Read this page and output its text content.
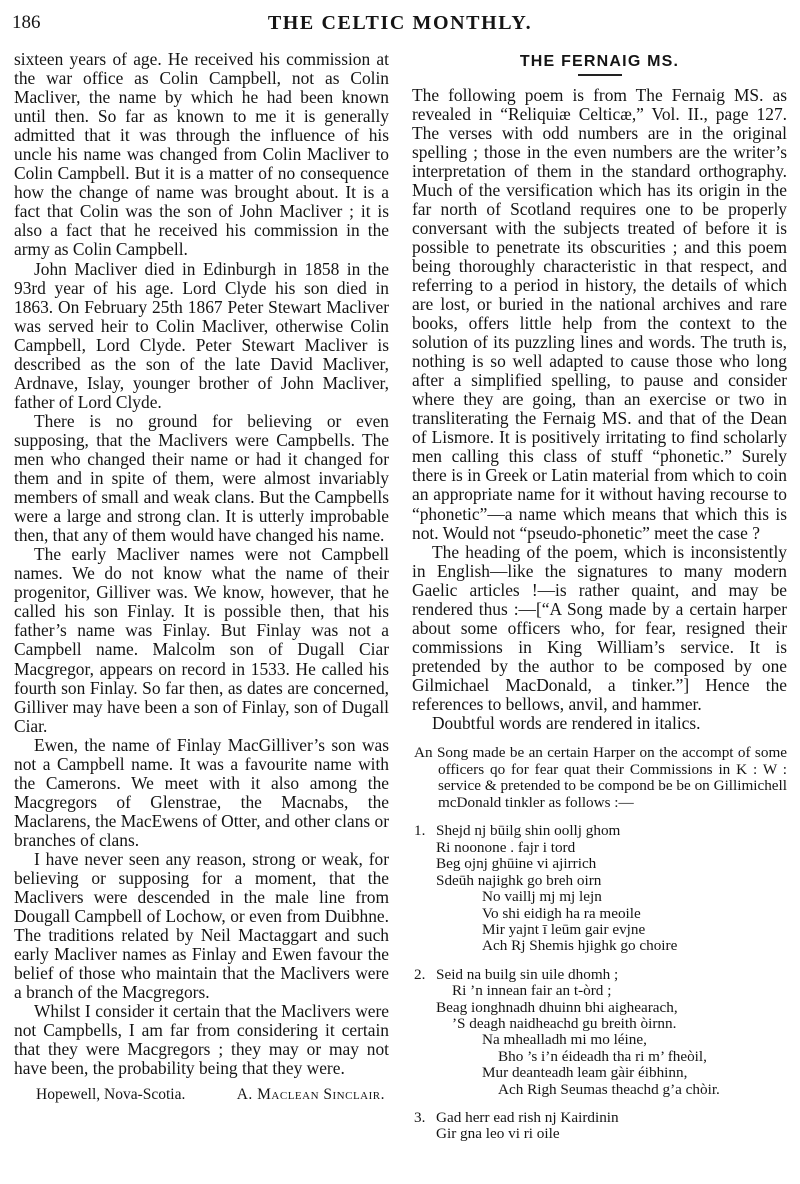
186	THE CELTIC MONTHLY.

sixteen years of age. He received his commission at the war office as Colin Campbell, not as Colin Macliver, the name by which he had been known until then. So far as known to me it is generally admitted that it was through the influence of his uncle his name was changed from Colin Macliver to Colin Campbell. But it is a matter of no consequence how the change of name was brought about. It is a fact that Colin was the son of John Macliver ; it is also a fact that he received his commission in the army as Colin Campbell.

John Macliver died in Edinburgh in 1858 in the 93rd year of his age. Lord Clyde his son died in 1863. On February 25th 1867 Peter Stewart Macliver was served heir to Colin Macliver, otherwise Colin Campbell, Lord Clyde. Peter Stewart Macliver is described as the son of the late David Macliver, Ardnave, Islay, younger brother of John Macliver, father of Lord Clyde.

There is no ground for believing or even supposing, that the Maclivers were Campbells. The men who changed their name or had it changed for them and in spite of them, were almost invariably members of small and weak clans. But the Campbells were a large and strong clan. It is utterly improbable then, that any of them would have changed his name.

The early Macliver names were not Campbell names. We do not know what the name of their progenitor, Gilliver was. We know, however, that he called his son Finlay. It is possible then, that his father’s name was Finlay. But Finlay was not a Campbell name. Malcolm son of Dugall Ciar Macgregor, appears on record in 1533. He called his fourth son Finlay. So far then, as dates are concerned, Gilliver may have been a son of Finlay, son of Dugall Ciar.

Ewen, the name of Finlay MacGilliver’s son was not a Campbell name. It was a favourite name with the Camerons. We meet with it also among the Macgregors of Glenstrae, the Macnabs, the Maclarens, the MacEwens of Otter, and other clans or branches of clans.

I have never seen any reason, strong or weak, for believing or supposing for a moment, that the Maclivers were descended in the male line from Dougall Campbell of Lochow, or even from Duibhne. The traditions related by Neil Mactaggart and such early Macliver names as Finlay and Ewen favour the belief of those who maintain that the Maclivers were a branch of the Macgregors.

Whilst I consider it certain that the Maclivers were not Campbells, I am far from considering it certain that they were Macgregors ; they may or may not have been, the probability being that they were.

Hopewell, Nova-Scotia.	A. Maclean Sinclair.
THE FERNAIG MS.

The following poem is from The Fernaig MS. as revealed in “Reliquiæ Celticæ,” Vol. II., page 127. The verses with odd numbers are in the original spelling ; those in the even numbers are the writer’s interpretation of them in the standard orthography. Much of the versification which has its origin in the far north of Scotland requires one to be properly conversant with the subjects treated of before it is possible to penetrate its obscurities ; and this poem being thoroughly characteristic in that respect, and referring to a period in history, the details of which are lost, or buried in the national archives and rare books, offers little help from the context to the solution of its puzzling lines and words. The truth is, nothing is so well adapted to cause those who long after a simplified spelling, to pause and consider where they are going, than an exercise or two in transliterating the Fernaig MS. and that of the Dean of Lismore. It is positively irritating to find scholarly men calling this class of stuff “phonetic.” Surely there is in Greek or Latin material from which to coin an appropriate name for it without having recourse to “phonetic”—a name which means that which this is not. Would not “pseudo-phonetic” meet the case ?

The heading of the poem, which is inconsistently in English—like the signatures to many modern Gaelic articles !—is rather quaint, and may be rendered thus :—[“A Song made by a certain harper about some officers who, for fear, resigned their commissions in King William’s service. It is pretended by the author to be composed by one Gilmichael MacDonald, a tinker.”] Hence the references to bellows, anvil, and hammer.

Doubtful words are rendered in italics.

An Song made be an certain Harper on the accompt of some officers qo for fear quat their Commissions in K : W : service & pretended to be compond be be on Gillimichell mcDonald tinkler as follows :—
1. Shejd nj būilg shin oollj ghom
Ri noonone . fajr i tord
Beg ojnj ghūine vi ajirrich
Sdeūh najighk go breh oirn
No vaillj mj mj lejn
Vo shi eidigh ha ra meoile
Mir yajnt ī leūm gair evjne
Ach Rj Shemis hjighk go choire
2. Seid na builg sin uile dhomh ;
Ri ’n innean fair an t-òrd ;
Beag ionghnadh dhuinn bhi aighearach,
’S deagh naidheachd gu breith òirnn.
Na mhealladh mi mo léine,
Bho ’s i’n éideadh tha ri m’ fheòil,
Mur deanteadh leam gàir éibhinn,
Ach Righ Seumas theachd g’a chòir.
3. Gad herr ead rish nj Kairdinin
Gir gna leo vi ri oile
